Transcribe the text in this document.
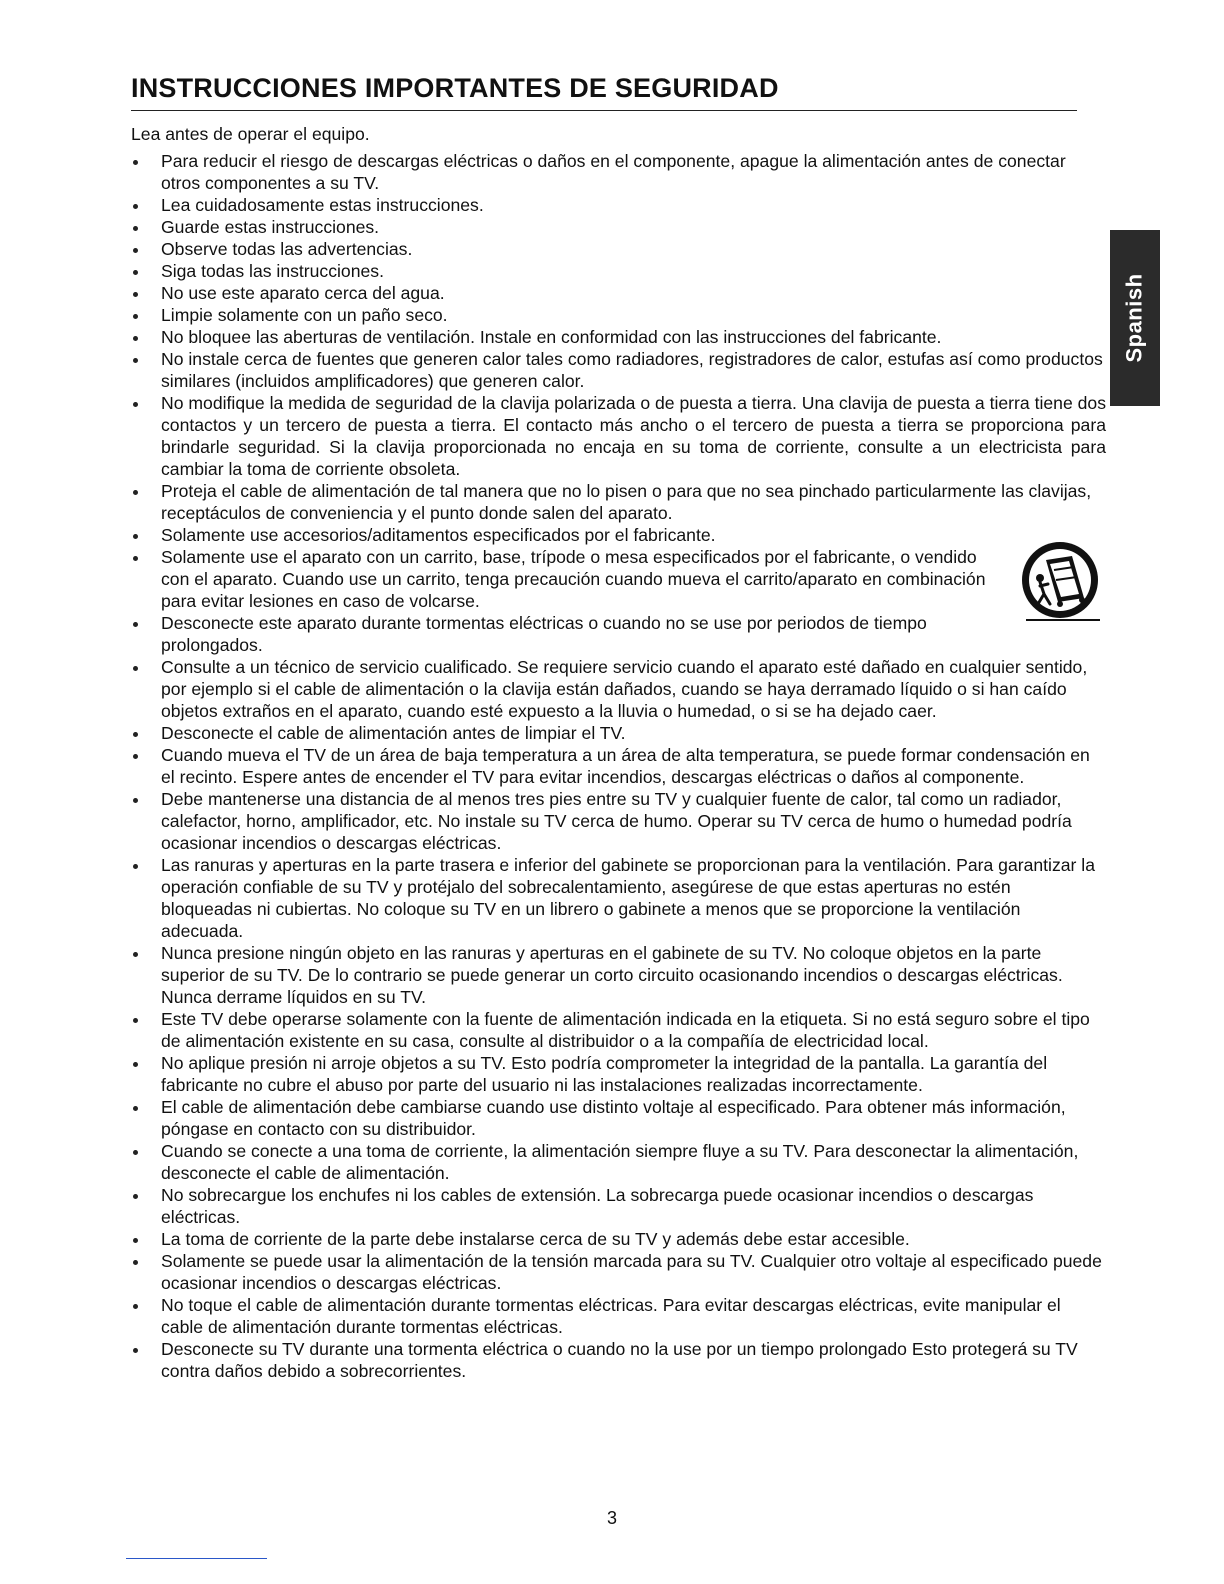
INSTRUCCIONES IMPORTANTES DE SEGURIDAD

Lea antes de operar el equipo.

Para reducir el riesgo de descargas eléctricas o daños en el componente, apague la alimentación antes de conectar otros componentes a su TV.
Lea cuidadosamente estas instrucciones.
Guarde estas instrucciones.
Observe todas las advertencias.
Siga todas las instrucciones.
No use este aparato cerca del agua.
Limpie solamente con un paño seco.
No bloquee las aberturas de ventilación. Instale en conformidad con las instrucciones del fabricante.
No instale cerca de fuentes que generen calor tales como radiadores, registradores de calor, estufas así como productos similares (incluidos amplificadores) que generen calor.
No modifique la medida de seguridad de la clavija polarizada o de puesta a tierra. Una clavija de puesta a tierra tiene dos contactos y un tercero de puesta a tierra. El contacto más ancho o el tercero de puesta a tierra se proporciona para brindarle seguridad. Si la clavija proporcionada no encaja en su toma de corriente, consulte a un electricista para cambiar la toma de corriente obsoleta.
Proteja el cable de alimentación de tal manera que no lo pisen o para que no sea pinchado particularmente las clavijas, receptáculos de conveniencia y el punto donde salen del aparato.
Solamente use accesorios/aditamentos especificados por el fabricante.
Solamente use el aparato con un carrito, base, trípode o mesa especificados por el fabricante, o vendido con el aparato. Cuando use un carrito, tenga precaución cuando mueva el carrito/aparato en combinación para evitar lesiones en caso de volcarse.
Desconecte este aparato durante tormentas eléctricas o cuando no se use por periodos de tiempo prolongados.
Consulte a un técnico de servicio cualificado. Se requiere servicio cuando el aparato esté dañado en cualquier sentido, por ejemplo si el cable de alimentación o la clavija están dañados, cuando se haya derramado líquido o si han caído objetos extraños en el aparato, cuando esté expuesto a la lluvia o humedad, o si se ha dejado caer.
Desconecte el cable de alimentación antes de limpiar el TV.
Cuando mueva el TV de un área de baja temperatura a un área de alta temperatura, se puede formar condensación en el recinto. Espere antes de encender el TV para evitar incendios, descargas eléctricas o daños al componente.
Debe mantenerse una distancia de al menos tres pies entre su TV y cualquier fuente de calor, tal como un radiador, calefactor, horno, amplificador, etc. No instale su TV cerca de humo. Operar su TV cerca de humo o humedad podría ocasionar incendios o descargas eléctricas.
Las ranuras y aperturas en la parte trasera e inferior del gabinete se proporcionan para la ventilación. Para garantizar la operación confiable de su TV y protéjalo del sobrecalentamiento, asegúrese de que estas aperturas no estén bloqueadas ni cubiertas. No coloque su TV en un librero o gabinete a menos que se proporcione la ventilación adecuada.
Nunca presione ningún objeto en las ranuras y aperturas en el gabinete de su TV. No coloque objetos en la parte superior de su TV. De lo contrario se puede generar un corto circuito ocasionando incendios o descargas eléctricas. Nunca derrame líquidos en su TV.
Este TV debe operarse solamente con la fuente de alimentación indicada en la etiqueta. Si no está seguro sobre el tipo de alimentación existente en su casa, consulte al distribuidor o a la compañía de electricidad local.
No aplique presión ni arroje objetos a su TV. Esto podría comprometer la integridad de la pantalla. La garantía del fabricante no cubre el abuso por parte del usuario ni las instalaciones realizadas incorrectamente.
El cable de alimentación debe cambiarse cuando use distinto voltaje al especificado. Para obtener más información, póngase en contacto con su distribuidor.
Cuando se conecte a una toma de corriente, la alimentación siempre fluye a su TV. Para desconectar la alimentación, desconecte el cable de alimentación.
No sobrecargue los enchufes ni los cables de extensión. La sobrecarga puede ocasionar incendios o descargas eléctricas.
La toma de corriente de la parte debe instalarse cerca de su TV y además debe estar accesible.
Solamente se puede usar la alimentación de la tensión marcada para su TV. Cualquier otro voltaje al especificado puede ocasionar incendios o descargas eléctricas.
No toque el cable de alimentación durante tormentas eléctricas. Para evitar descargas eléctricas, evite manipular el cable de alimentación durante tormentas eléctricas.
Desconecte su TV durante una tormenta eléctrica o cuando no la use por un tiempo prolongado Esto protegerá su TV contra daños debido a sobrecorrientes.
Spanish
3
